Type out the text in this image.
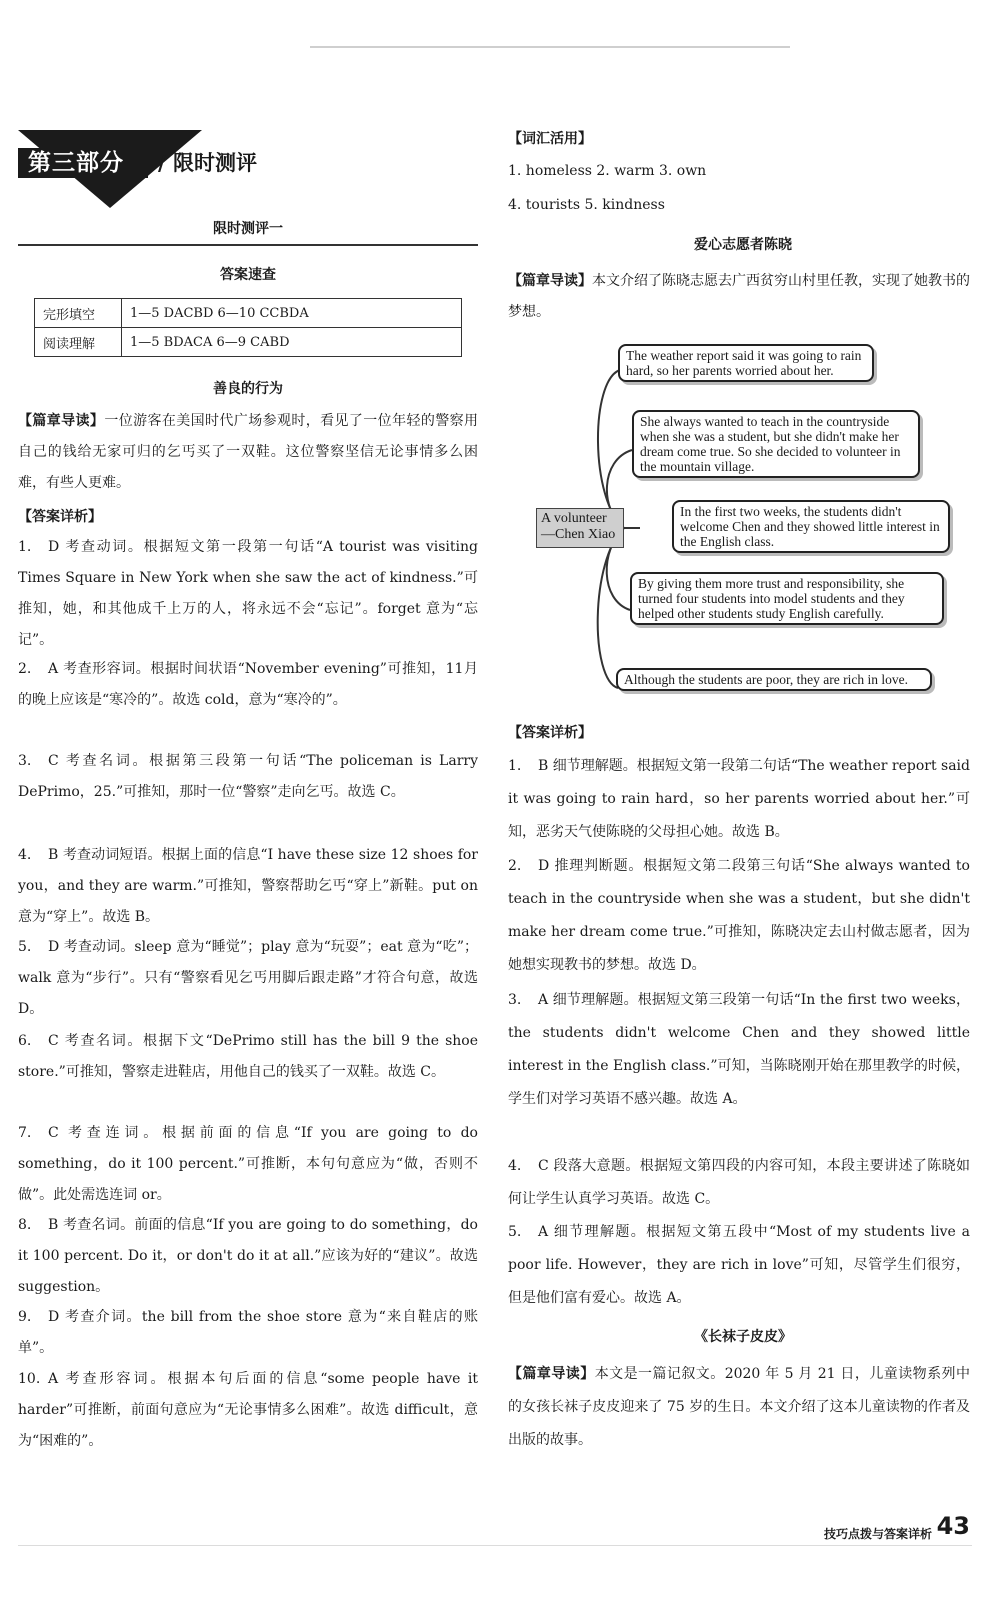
第三部分 / 限时测评
限时测评一
答案速查
完形填空	1—5 DACBD 6—10 CCBDA
阅读理解	1—5 BDACA 6—9 CABD
善良的行为
【篇章导读】一位游客在美国时代广场参观时，看见了一位年轻的警察用自己的钱给无家可归的乞丐买了一双鞋。这位警察坚信无论事情多么困难，有些人更难。
【答案详析】
1. D 考查动词。根据短文第一段第一句话“A tourist was visiting Times Square in New York when she saw the act of kindness.”可推知，她，和其他成千上万的人，将永远不会“忘记”。forget 意为“忘记”。
2. A 考查形容词。根据时间状语“November evening”可推知，11月的晚上应该是“寒冷的”。故选 cold，意为“寒冷的”。
3. C 考查名词。根据第三段第一句话“The policeman is Larry DePrimo，25.”可推知，那时一位“警察”走向乞丐。故选 C。
4. B 考查动词短语。根据上面的信息“I have these size 12 shoes for you，and they are warm.”可推知，警察帮助乞丐“穿上”新鞋。put on 意为“穿上”。故选 B。
5. D 考查动词。sleep 意为“睡觉”；play 意为“玩耍”；eat 意为“吃”；walk 意为“步行”。只有“警察看见乞丐用脚后跟走路”才符合句意，故选 D。
6. C 考查名词。根据下文“DePrimo still has the bill 9 the shoe store.”可推知，警察走进鞋店，用他自己的钱买了一双鞋。故选 C。
7. C 考查连词。根据前面的信息“If you are going to do something，do it 100 percent.”可推断，本句句意应为“做，否则不做”。此处需选连词 or。
8. B 考查名词。前面的信息“If you are going to do something，do it 100 percent. Do it，or don't do it at all.”应该为好的“建议”。故选 suggestion。
9. D 考查介词。the bill from the shoe store 意为“来自鞋店的账单”。
10. A 考查形容词。根据本句后面的信息“some people have it harder”可推断，前面句意应为“无论事情多么困难”。故选 difficult，意为“困难的”。
【词汇活用】
1. homeless 2. warm 3. own
4. tourists 5. kindness
爱心志愿者陈晓
【篇章导读】本文介绍了陈晓志愿去广西贫穷山村里任教，实现了她教书的梦想。
A volunteer —Chen Xiao
The weather report said it was going to rain hard, so her parents worried about her.
She always wanted to teach in the countryside when she was a student, but she didn't make her dream come true. So she decided to volunteer in the mountain village.
In the first two weeks, the students didn't welcome Chen and they showed little interest in the English class.
By giving them more trust and responsibility, she turned four students into model students and they helped other students study English carefully.
Although the students are poor, they are rich in love.
【答案详析】
1. B 细节理解题。根据短文第一段第二句话“The weather report said it was going to rain hard，so her parents worried about her.”可知，恶劣天气使陈晓的父母担心她。故选 B。
2. D 推理判断题。根据短文第二段第三句话“She always wanted to teach in the countryside when she was a student，but she didn't make her dream come true.”可推知，陈晓决定去山村做志愿者，因为她想实现教书的梦想。故选 D。
3. A 细节理解题。根据短文第三段第一句话“In the first two weeks，the students didn't welcome Chen and they showed little interest in the English class.”可知，当陈晓刚开始在那里教学的时候，学生们对学习英语不感兴趣。故选 A。
4. C 段落大意题。根据短文第四段的内容可知，本段主要讲述了陈晓如何让学生认真学习英语。故选 C。
5. A 细节理解题。根据短文第五段中“Most of my students live a poor life. However，they are rich in love”可知，尽管学生们很穷，但是他们富有爱心。故选 A。
《长袜子皮皮》
【篇章导读】本文是一篇记叙文。2020 年 5 月 21 日，儿童读物系列中的女孩长袜子皮皮迎来了 75 岁的生日。本文介绍了这本儿童读物的作者及出版的故事。
技巧点拨与答案详析 43
